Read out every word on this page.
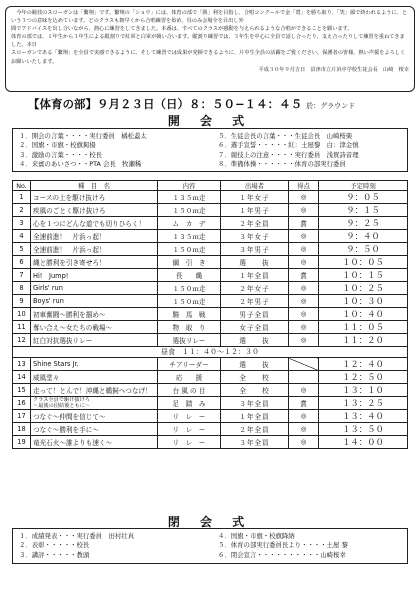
　今年の競技のスローガンは「繋翔」です。繋翔の「ショウ」には、体育の部で「勝」利を目指し、合唱コンクールで金「賞」を勝ち取り、「笑」顔で終われるように、という３つの意味を込めています。どのクラスも朝早くから合唱練習を始め、昼のみ会場全を目出し外
間でアドバイスを出し合いながら、熱心に練習をしてきました。本番は、すべてのクラスが感動を与えられるような合唱ができることを願います。
体育の部では、１年生から３年生による縦割りで紅軍と白軍が競い合います。縦割り練習では、３年生を中心に全員で話し合ったり、支え合ったりして練習を重ねてきました。本日
スローガンである「繋翔」を全員で実感できるように、そして練習では成果が発揮できるように、片中生全員の活躍をご覧ください。保護者の皆様、熱い声援をよろしくお願いいたします。

平成３０年９月吉日　沼津市立片浜中学校生徒会長　山崎　桜幸
【体育の部】９月２３日（日）８：５０−１４：４５ 於：グラウンド
開 会 式
１．開会の言葉・・・・実行委員　橘松蓋太
２．国旗・市旗・校旗掲揚
３．激励の言葉・・・・校長
４．来賓のあいさつ・・PTA 会長　牧瀬稀
５．生徒会長の言葉・・・生徒会長　山崎桜楽
６．選手宣誓・・・・・紅：土屋黎　白：津金慎
７．競技上の注意・・・・実行委員　浅賀詩音理
８．準備体操・・・・・・体育の部実行委員
No.	種　目　名	内容	出場者	得点	予定時刻
1	コースの上を駆け抜けろ	１３５ｍ走	１年女子	◎	９：０５
2	疾風のごとく駆け抜けろ	１５０ｍ走	１年男子	◎	９：１５
3	心を１つにどんな道でも切りひらく！	ム　カ　デ	２年全員	賞	９：２５
4	全速前進！　片浜っ起！	１３５ｍ走	３年女子	◎	９：４０
5	全速前進！　片浜っ起！	１５０ｍ走	３年男子	◎	９：５０
6	縄と勝利を引き寄せろ！	綱　引　き	選　　抜	◎	１０：０５
7	Hi!　Jump!	長　　縄	１年全員	賞	１０：１５
8	Girls' run	１５０ｍ走	２年女子	◎	１０：２５
9	Boys' run	１５０ｍ走	２年男子	◎	１０：３０
10	初車奮闘〜勝利を掴め〜	騎　馬　戦	男子全員	◎	１０：４０
11	奪い合え〜女たちの戦場〜	物　取　り	女子全員	◎	１１：０５
12	紅白対抗選抜リレー	選抜リレー	選　　抜	◎	１１：２０
昼食　１１：４０〜１２：３０					
13	Shine Stars Jr.	チアリーダー	選　　抜		１２：４０
14	威風堂々	応　　援	全　　校		１２：５０
15	走って！とんで！沖縄と鵜飼へつなげ！	台 風 の 目	全　　校	◎	１３：１０
16	クラス全員で駆け抜けろ
〜最後の団結後ともに〜	足　踏　み	３年全員	賞	１３：２５
17	つなぐ〜仲間を信じて〜	リ　レ　ー	１年全員	◎	１３：４０
18	つなぐ〜勝利を手に〜	リ　レ　ー	２年全員	◎	１３：５０
19	竜光石火〜誰よりも速く〜	リ　レ　ー	３年全員	◎	１４：００
閉 会 式
１．成績発表・・・実行委員　田村壮真
２．表彰・・・・・校長
３．講評・・・・・教頭
４．国旗・市旗・校旗降納
５．体育の部実行委員長より・・・・土屋 黎
６．閉会宣言・・・・・・・・・・山崎桜幸
